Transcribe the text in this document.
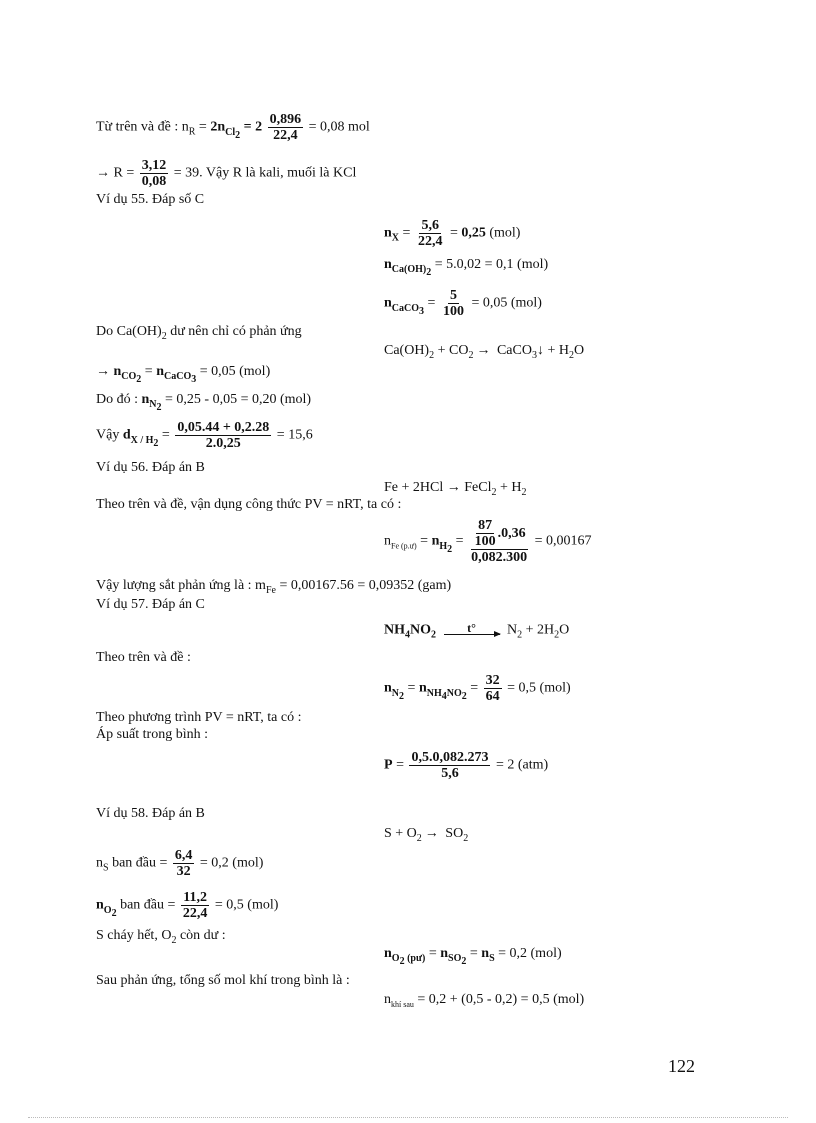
Từ trên và đề : $n_R = 2n_{Cl_2} = 2 \frac{0,896}{22,4} = 0,08$ mol
→ $R = \frac{3,12}{0,08} = 39$. Vậy R là kali, muối là KCl
Ví dụ 55. Đáp số C
$n_X = \frac{5,6}{22,4} = 0,25$ (mol)
$n_{Ca(OH)_2} = 5.0,02 = 0,1$ (mol)
$n_{CaCO_3} = \frac{5}{100} = 0,05$ (mol)
Do $Ca(OH)_2$ dư nên chỉ có phản ứng
$Ca(OH)_2 + CO_2$ → CaCO$_3$↓ + $H_2O$
→ $n_{CO_2} = n_{CaCO_3} = 0,05$ (mol)
Do đó : $n_{N_2} = 0,25 - 0,05 = 0,20$ (mol)
Vậy $d_{X / H_2} = \frac{0,05.44 + 0,2.28}{2.0,25} = 15,6$
Ví dụ 56. Đáp án B
Fe + 2HCl → FeCl$_2$ + $H_2$
Theo trên và đề, vận dụng công thức PV = nRT, ta có :
$n_{Fe (p.ư)} = n_{H_2} = \frac{\frac{87}{100} .0,36}{0,082.300} = 0,00167$
Vậy lượng sắt phản ứng là : $m_{Fe} = 0,00167.56 = 0,09352$ (gam)
Ví dụ 57. Đáp án C
$NH_4NO_2$
t° $N_2 + 2H_2O$
Theo trên và đề :
$n_{N_2} = n_{NH_4NO_2} = \frac{32}{64} = 0,5$ (mol)
Theo phương trình PV = nRT, ta có :
Áp suất trong bình :
$P = \frac{0,5.0,082.273}{5,6} = 2$ (atm)
Ví dụ 58. Đáp án B
$S + O_2 \to SO_2$
$n_S$ ban đầu = $\frac{6,4}{32} = 0,2$ (mol)
$n_{O_2}$ ban đầu = $\frac{11,2}{22,4} = 0,5$ (mol)
S cháy hết, $O_2$ còn dư :
$n_{O_2 (pư)} = n_{SO_2} = n_S = 0,2$ (mol)
Sau phản ứng, tổng số mol khí trong bình là :
$n_{khí sau} = 0,2 + (0,5 - 0,2) = 0,5$ (mol)
122
